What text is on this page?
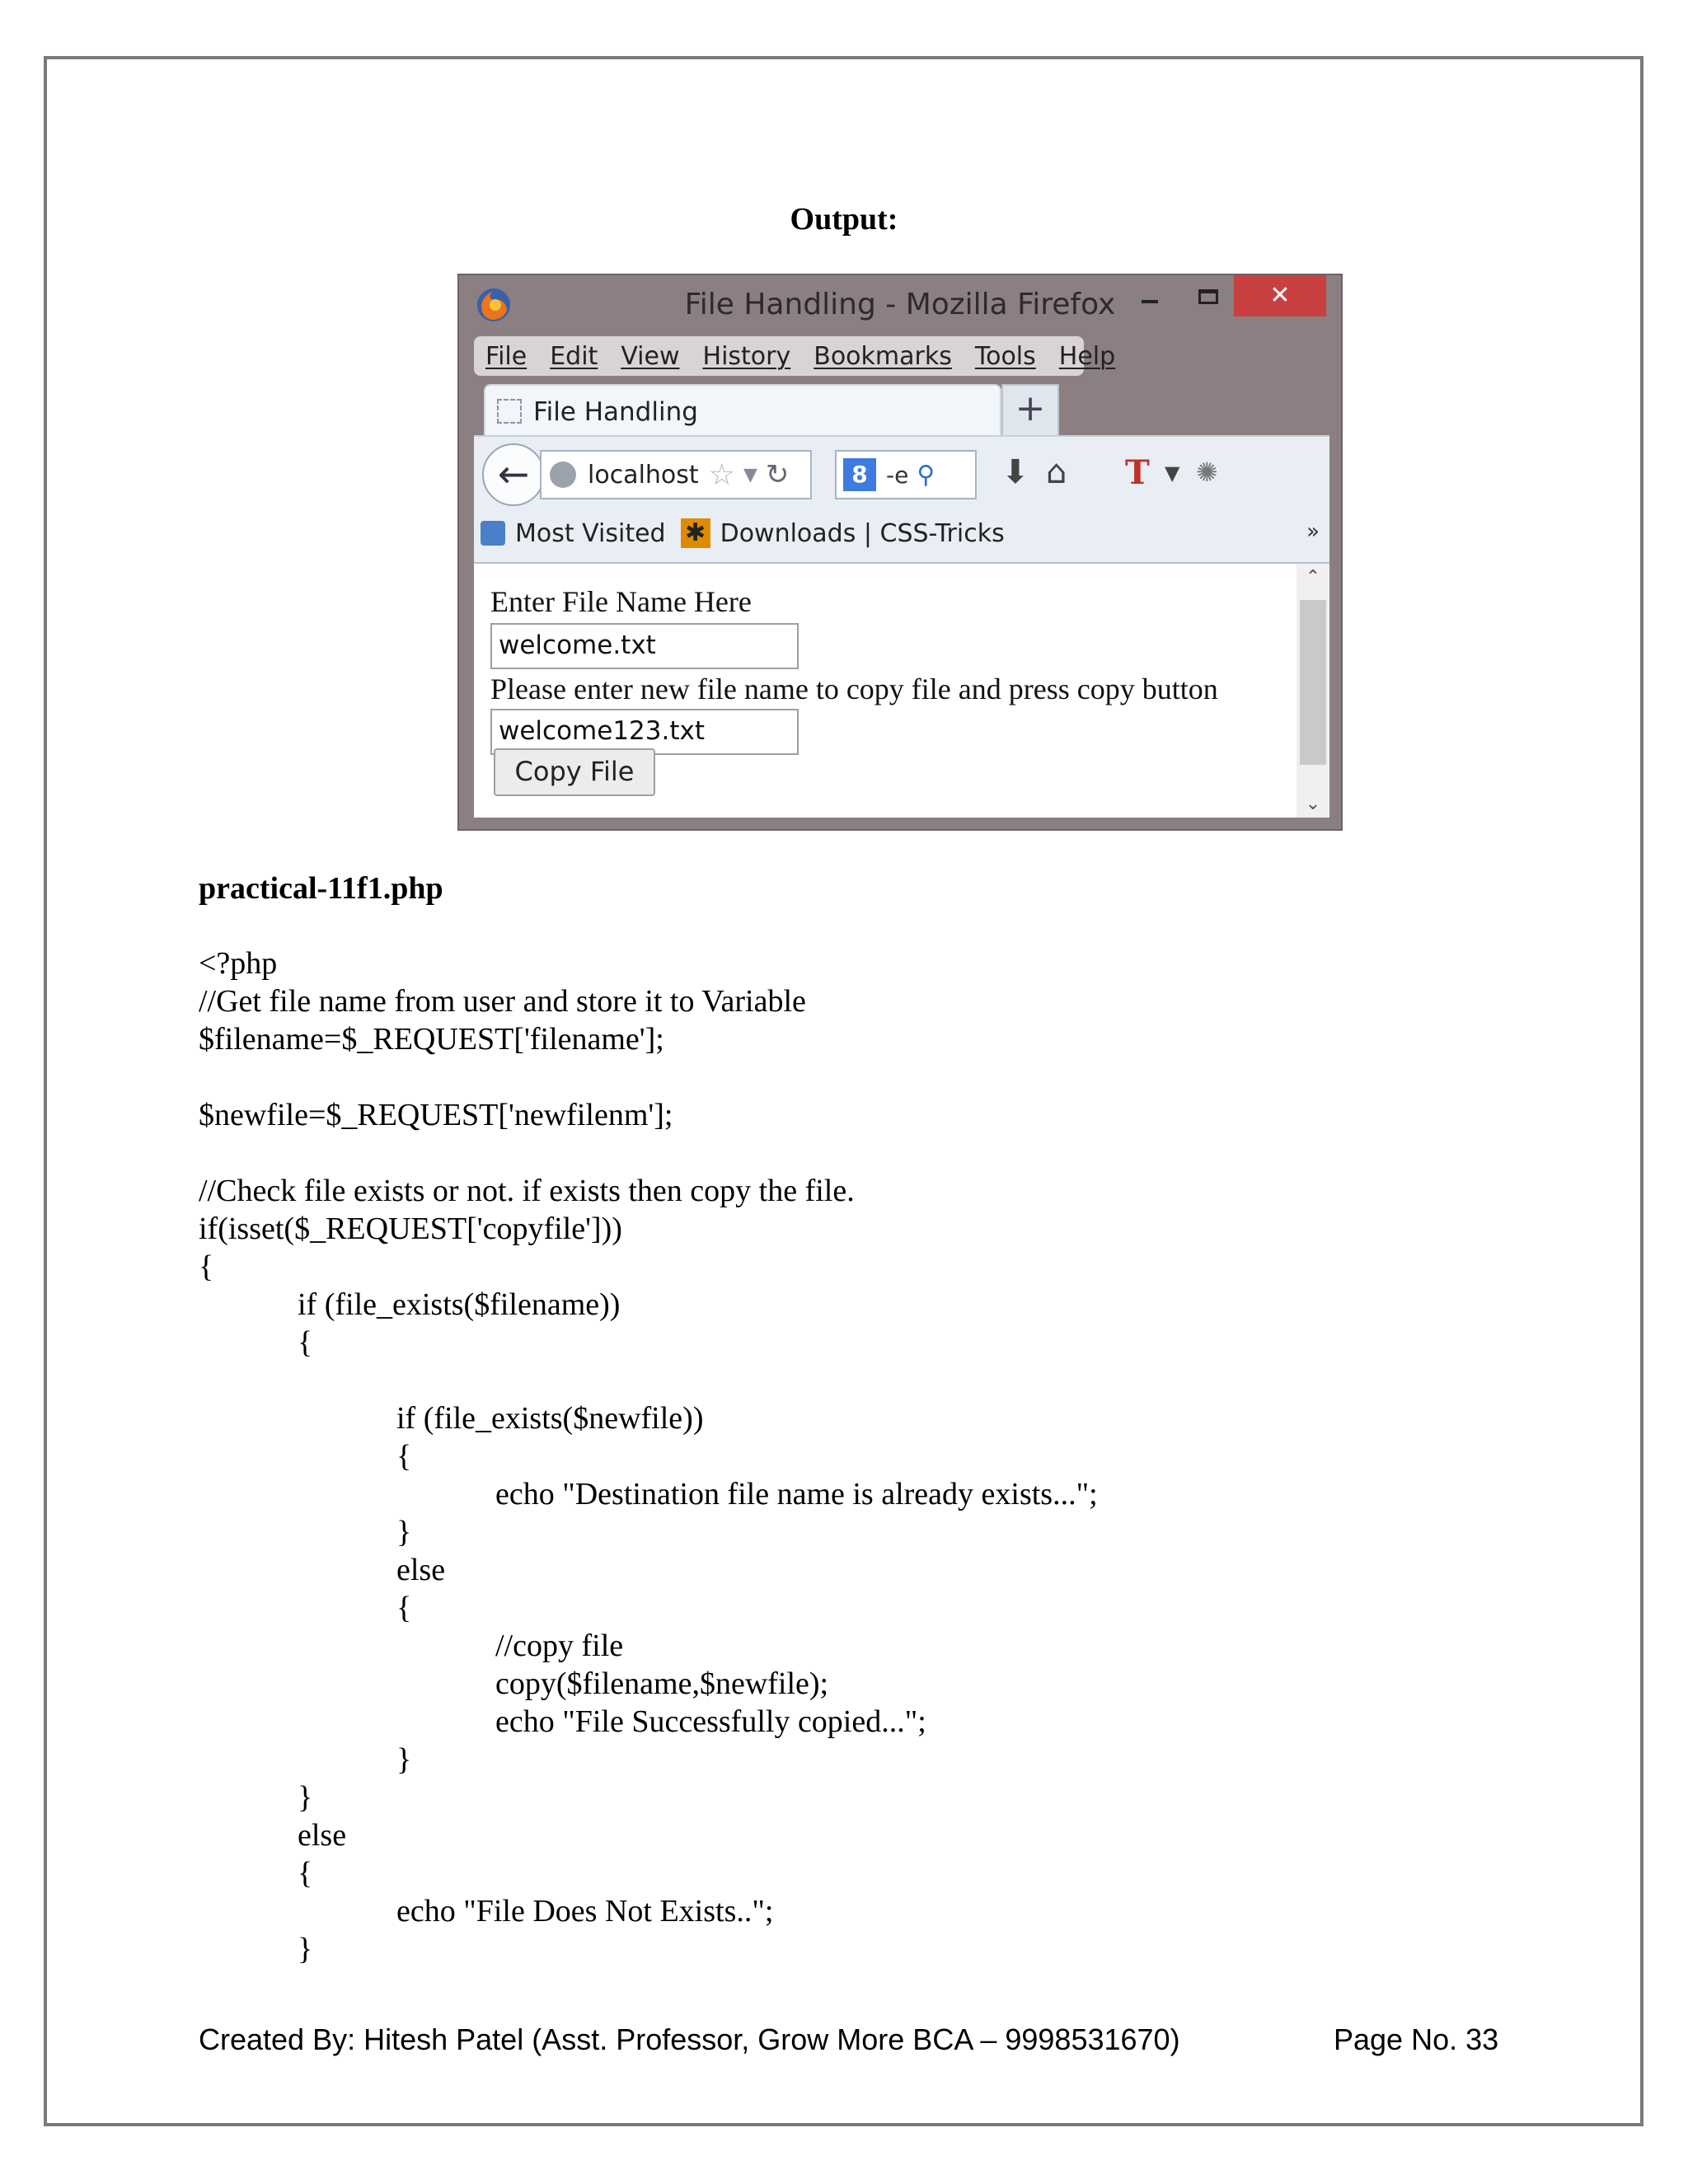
Output:
File Handling - Mozilla Firefox	✕
File Edit View History Bookmarks Tools Help
File Handling	+
←	localhost ☆ ▼ ↻	8 -e ⚲ ⬇ ⌂ T ▼ ✺
Most Visited ✱ Downloads | CSS-Tricks	»
Enter File Name Here
welcome.txt
Please enter new file name to copy file and press copy button
welcome123.txt
Copy File
⌃
⌄
practical-11f1.php
<?php
//Get file name from user and store it to Variable
$filename=$_REQUEST['filename'];
$newfile=$_REQUEST['newfilenm'];
//Check file exists or not. if exists then copy the file.
if(isset($_REQUEST['copyfile']))
{
if (file_exists($filename))
{
if (file_exists($newfile))
{
echo "Destination file name is already exists...";
}
else
{
//copy file
copy($filename,$newfile);
echo "File Successfully copied...";
}
}
else
{
echo "File Does Not Exists..";
}
Created By: Hitesh Patel (Asst. Professor, Grow More BCA – 9998531670)	Page No. 33
